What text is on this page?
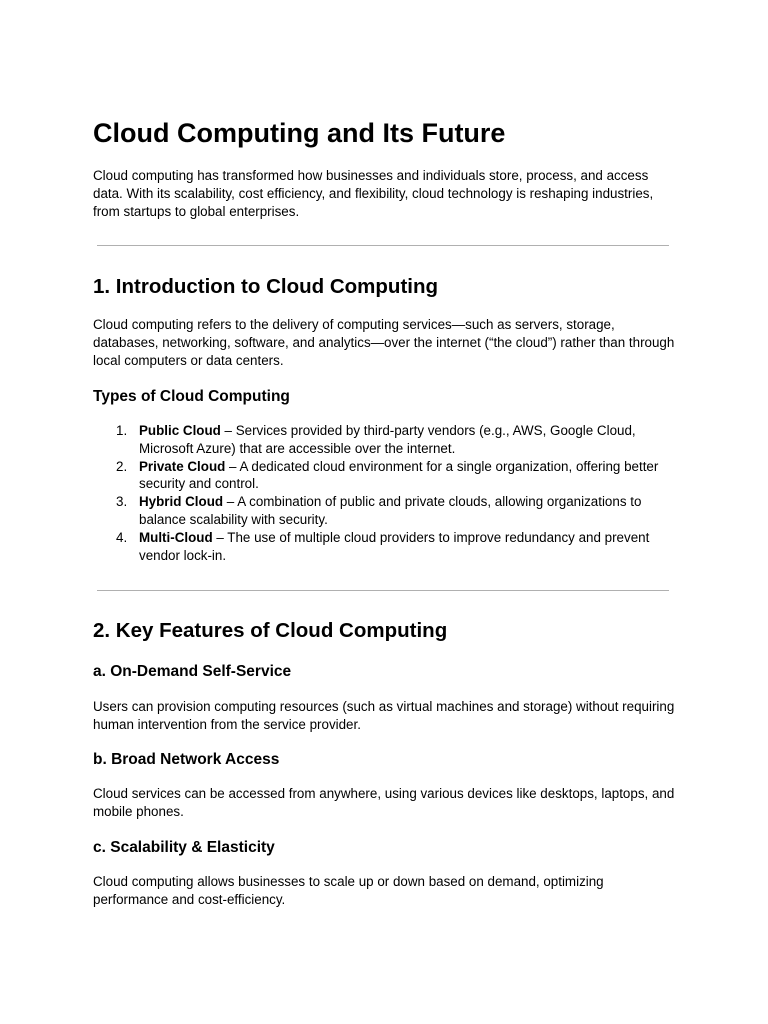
Cloud Computing and Its Future

Cloud computing has transformed how businesses and individuals store, process, and access data. With its scalability, cost efficiency, and flexibility, cloud technology is reshaping industries, from startups to global enterprises.

1. Introduction to Cloud Computing

Cloud computing refers to the delivery of computing services—such as servers, storage, databases, networking, software, and analytics—over the internet (“the cloud”) rather than through local computers or data centers.

Types of Cloud Computing
1. Public Cloud – Services provided by third-party vendors (e.g., AWS, Google Cloud, Microsoft Azure) that are accessible over the internet.
2. Private Cloud – A dedicated cloud environment for a single organization, offering better security and control.
3. Hybrid Cloud – A combination of public and private clouds, allowing organizations to balance scalability with security.
4. Multi-Cloud – The use of multiple cloud providers to improve redundancy and prevent vendor lock-in.
2. Key Features of Cloud Computing
a. On-Demand Self-Service

Users can provision computing resources (such as virtual machines and storage) without requiring human intervention from the service provider.

b. Broad Network Access

Cloud services can be accessed from anywhere, using various devices like desktops, laptops, and mobile phones.

c. Scalability & Elasticity

Cloud computing allows businesses to scale up or down based on demand, optimizing performance and cost-efficiency.
